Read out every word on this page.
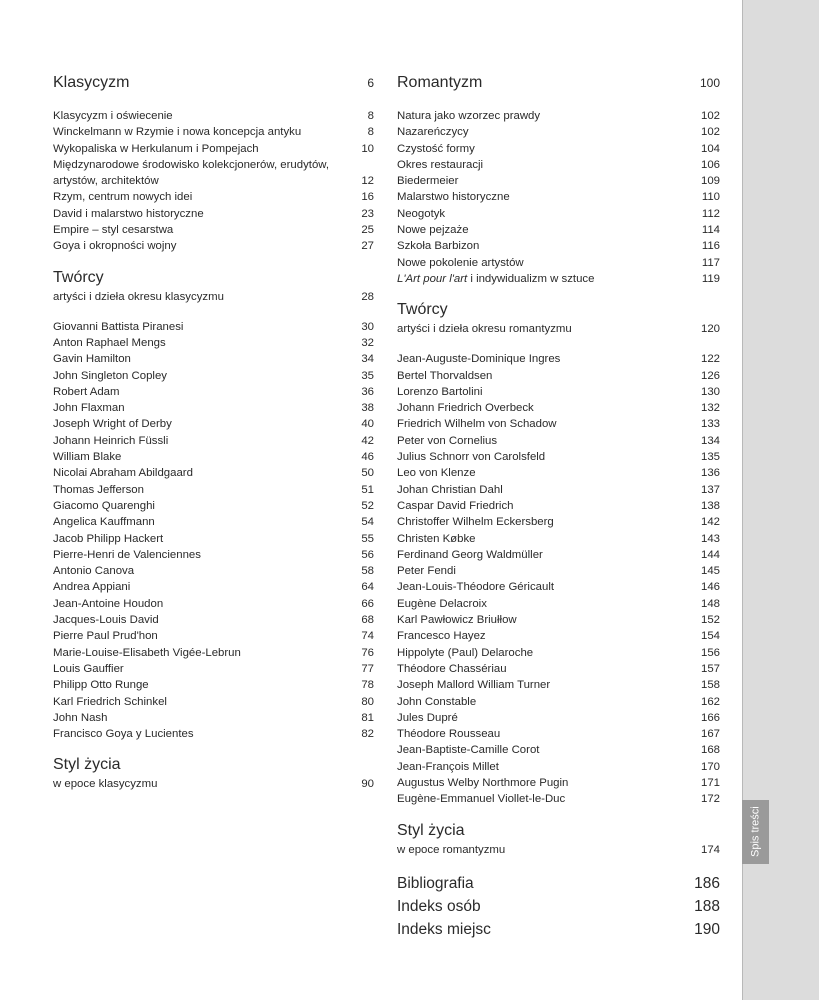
Spis treści
Klasycyzm	6
Klasycyzm i oświecenie	8
Winckelmann w Rzymie i nowa koncepcja antyku	8
Wykopaliska w Herkulanum i Pompejach	10
Międzynarodowe środowisko kolekcjonerów, erudytów,
artystów, architektów	12
Rzym, centrum nowych idei	16
David i malarstwo historyczne	23
Empire – styl cesarstwa	25
Goya i okropności wojny	27
Twórcy
artyści i dzieła okresu klasycyzmu	28
Giovanni Battista Piranesi	30
Anton Raphael Mengs	32
Gavin Hamilton	34
John Singleton Copley	35
Robert Adam	36
John Flaxman	38
Joseph Wright of Derby	40
Johann Heinrich Füssli	42
William Blake	46
Nicolai Abraham Abildgaard	50
Thomas Jefferson	51
Giacomo Quarenghi	52
Angelica Kauffmann	54
Jacob Philipp Hackert	55
Pierre-Henri de Valenciennes	56
Antonio Canova	58
Andrea Appiani	64
Jean-Antoine Houdon	66
Jacques-Louis David	68
Pierre Paul Prud'hon	74
Marie-Louise-Elisabeth Vigée-Lebrun	76
Louis Gauffier	77
Philipp Otto Runge	78
Karl Friedrich Schinkel	80
John Nash	81
Francisco Goya y Lucientes	82
Styl życia
w epoce klasycyzmu	90
Romantyzm	100
Natura jako wzorzec prawdy	102
Nazareńczycy	102
Czystość formy	104
Okres restauracji	106
Biedermeier	109
Malarstwo historyczne	110
Neogotyk	112
Nowe pejzaże	114
Szkoła Barbizon	116
Nowe pokolenie artystów	117
L'Art pour l'art i indywidualizm w sztuce	119
Twórcy
artyści i dzieła okresu romantyzmu	120
Jean-Auguste-Dominique Ingres	122
Bertel Thorvaldsen	126
Lorenzo Bartolini	130
Johann Friedrich Overbeck	132
Friedrich Wilhelm von Schadow	133
Peter von Cornelius	134
Julius Schnorr von Carolsfeld	135
Leo von Klenze	136
Johan Christian Dahl	137
Caspar David Friedrich	138
Christoffer Wilhelm Eckersberg	142
Christen Købke	143
Ferdinand Georg Waldmüller	144
Peter Fendi	145
Jean-Louis-Théodore Géricault	146
Eugène Delacroix	148
Karl Pawłowicz Briułłow	152
Francesco Hayez	154
Hippolyte (Paul) Delaroche	156
Théodore Chassériau	157
Joseph Mallord William Turner	158
John Constable	162
Jules Dupré	166
Théodore Rousseau	167
Jean-Baptiste-Camille Corot	168
Jean-François Millet	170
Augustus Welby Northmore Pugin	171
Eugène-Emmanuel Viollet-le-Duc	172
Styl życia
w epoce romantyzmu	174
Bibliografia	186
Indeks osób	188
Indeks miejsc	190
